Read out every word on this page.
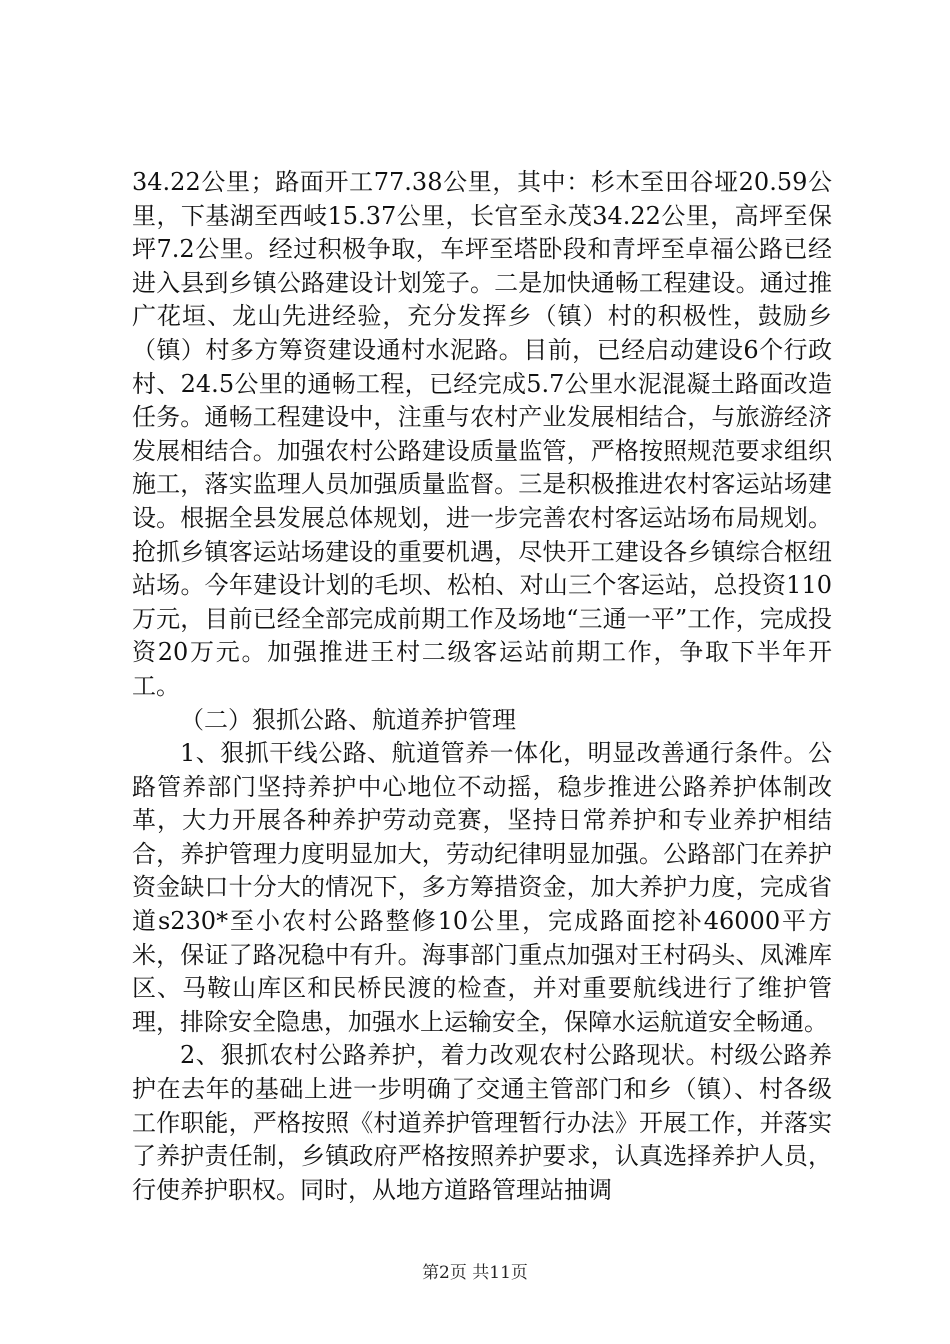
34.22公里；路面开工77.38公里，其中：杉木至田谷垭20.59公里，下基湖至西岐15.37公里，长官至永茂34.22公里，高坪至保坪7.2公里。经过积极争取，车坪至塔卧段和青坪至卓福公路已经进入县到乡镇公路建设计划笼子。二是加快通畅工程建设。通过推广花垣、龙山先进经验，充分发挥乡（镇）村的积极性，鼓励乡（镇）村多方筹资建设通村水泥路。目前，已经启动建设6个行政村、24.5公里的通畅工程，已经完成5.7公里水泥混凝土路面改造任务。通畅工程建设中，注重与农村产业发展相结合，与旅游经济发展相结合。加强农村公路建设质量监管，严格按照规范要求组织施工，落实监理人员加强质量监督。三是积极推进农村客运站场建设。根据全县发展总体规划，进一步完善农村客运站场布局规划。抢抓乡镇客运站场建设的重要机遇，尽快开工建设各乡镇综合枢纽站场。今年建设计划的毛坝、松柏、对山三个客运站，总投资110万元，目前已经全部完成前期工作及场地“三通一平”工作，完成投资20万元。加强推进王村二级客运站前期工作，争取下半年开工。

（二）狠抓公路、航道养护管理

1、狠抓干线公路、航道管养一体化，明显改善通行条件。公路管养部门坚持养护中心地位不动摇，稳步推进公路养护体制改革，大力开展各种养护劳动竞赛，坚持日常养护和专业养护相结合，养护管理力度明显加大，劳动纪律明显加强。公路部门在养护资金缺口十分大的情况下，多方筹措资金，加大养护力度，完成省道s230*至小农村公路整修10公里，完成路面挖补46000平方米，保证了路况稳中有升。海事部门重点加强对王村码头、凤滩库区、马鞍山库区和民桥民渡的检查，并对重要航线进行了维护管理，排除安全隐患，加强水上运输安全，保障水运航道安全畅通。

2、狠抓农村公路养护，着力改观农村公路现状。村级公路养护在去年的基础上进一步明确了交通主管部门和乡（镇）、村各级工作职能，严格按照《村道养护管理暂行办法》开展工作，并落实了养护责任制，乡镇政府严格按照养护要求，认真选择养护人员，行使养护职权。同时，从地方道路管理站抽调

第2页 共11页
